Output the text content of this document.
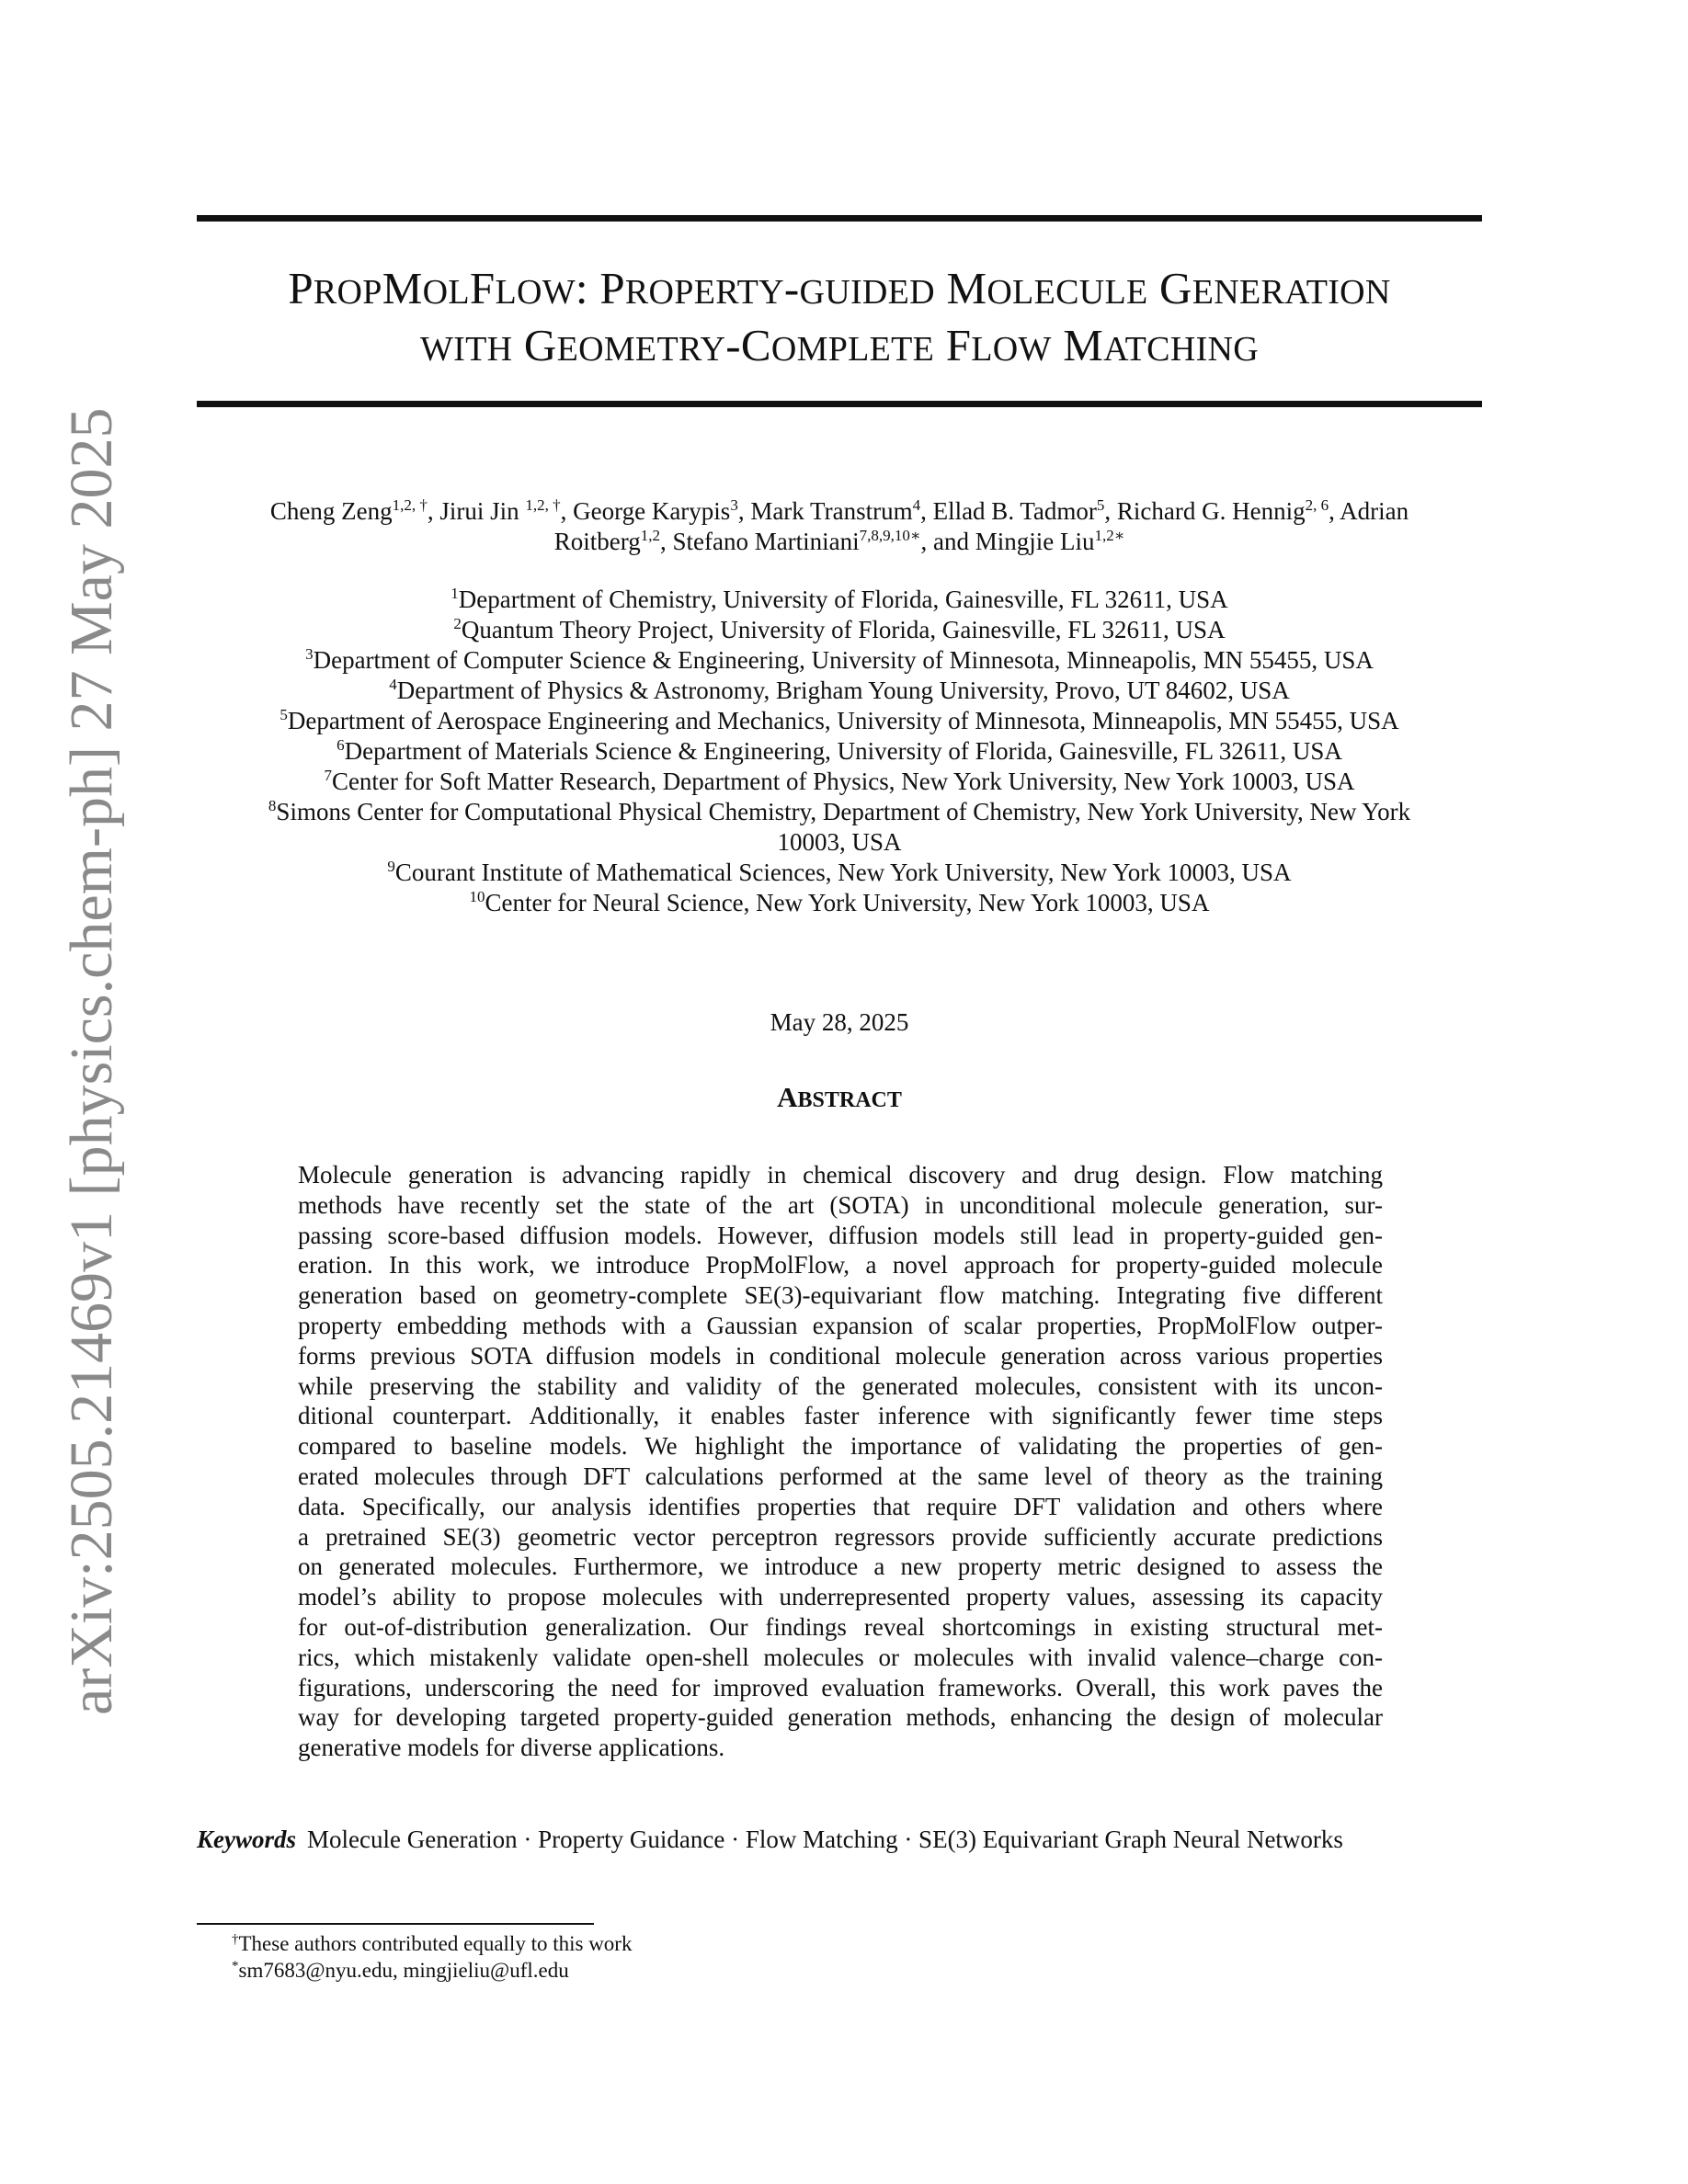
arXiv:2505.21469v1 [physics.chem-ph] 27 May 2025
PROPMOLFLOW: PROPERTY-GUIDED MOLECULE GENERATION
WITH GEOMETRY-COMPLETE FLOW MATCHING
Cheng Zeng$^{1,2, \dagger}$, Jirui Jin $^{1,2, \dagger}$, George Karypis$^3$, Mark Transtrum$^4$, Ellad B. Tadmor$^5$, Richard G. Hennig$^{2, 6}$, Adrian
Roitberg$^{1,2}$, Stefano Martiniani$^{7,8,9,10∗}$, and Mingjie Liu$^{1,2∗}$
$^1$Department of Chemistry, University of Florida, Gainesville, FL 32611, USA
$^2$Quantum Theory Project, University of Florida, Gainesville, FL 32611, USA
$^3$Department of Computer Science & Engineering, University of Minnesota, Minneapolis, MN 55455, USA
$^4$Department of Physics & Astronomy, Brigham Young University, Provo, UT 84602, USA
$^5$Department of Aerospace Engineering and Mechanics, University of Minnesota, Minneapolis, MN 55455, USA
$^6$Department of Materials Science & Engineering, University of Florida, Gainesville, FL 32611, USA
$^7$Center for Soft Matter Research, Department of Physics, New York University, New York 10003, USA
$^8$Simons Center for Computational Physical Chemistry, Department of Chemistry, New York University, New York
10003, USA
$^9$Courant Institute of Mathematical Sciences, New York University, New York 10003, USA
$^{10}$Center for Neural Science, New York University, New York 10003, USA
May 28, 2025
ABSTRACT
Molecule generation is advancing rapidly in chemical discovery and drug design. Flow matching
methods have recently set the state of the art (SOTA) in unconditional molecule generation, sur-
passing score-based diffusion models. However, diffusion models still lead in property-guided gen-
eration. In this work, we introduce PropMolFlow, a novel approach for property-guided molecule
generation based on geometry-complete SE(3)-equivariant flow matching. Integrating five different
property embedding methods with a Gaussian expansion of scalar properties, PropMolFlow outper-
forms previous SOTA diffusion models in conditional molecule generation across various properties
while preserving the stability and validity of the generated molecules, consistent with its uncon-
ditional counterpart. Additionally, it enables faster inference with significantly fewer time steps
compared to baseline models. We highlight the importance of validating the properties of gen-
erated molecules through DFT calculations performed at the same level of theory as the training
data. Specifically, our analysis identifies properties that require DFT validation and others where
a pretrained SE(3) geometric vector perceptron regressors provide sufficiently accurate predictions
on generated molecules. Furthermore, we introduce a new property metric designed to assess the
model’s ability to propose molecules with underrepresented property values, assessing its capacity
for out-of-distribution generalization. Our findings reveal shortcomings in existing structural met-
rics, which mistakenly validate open-shell molecules or molecules with invalid valence–charge con-
figurations, underscoring the need for improved evaluation frameworks. Overall, this work paves the
way for developing targeted property-guided generation methods, enhancing the design of molecular
generative models for diverse applications.
Keywords Molecule Generation · Property Guidance · Flow Matching · SE(3) Equivariant Graph Neural Networks
†These authors contributed equally to this work
*sm7683@nyu.edu, mingjieliu@ufl.edu
